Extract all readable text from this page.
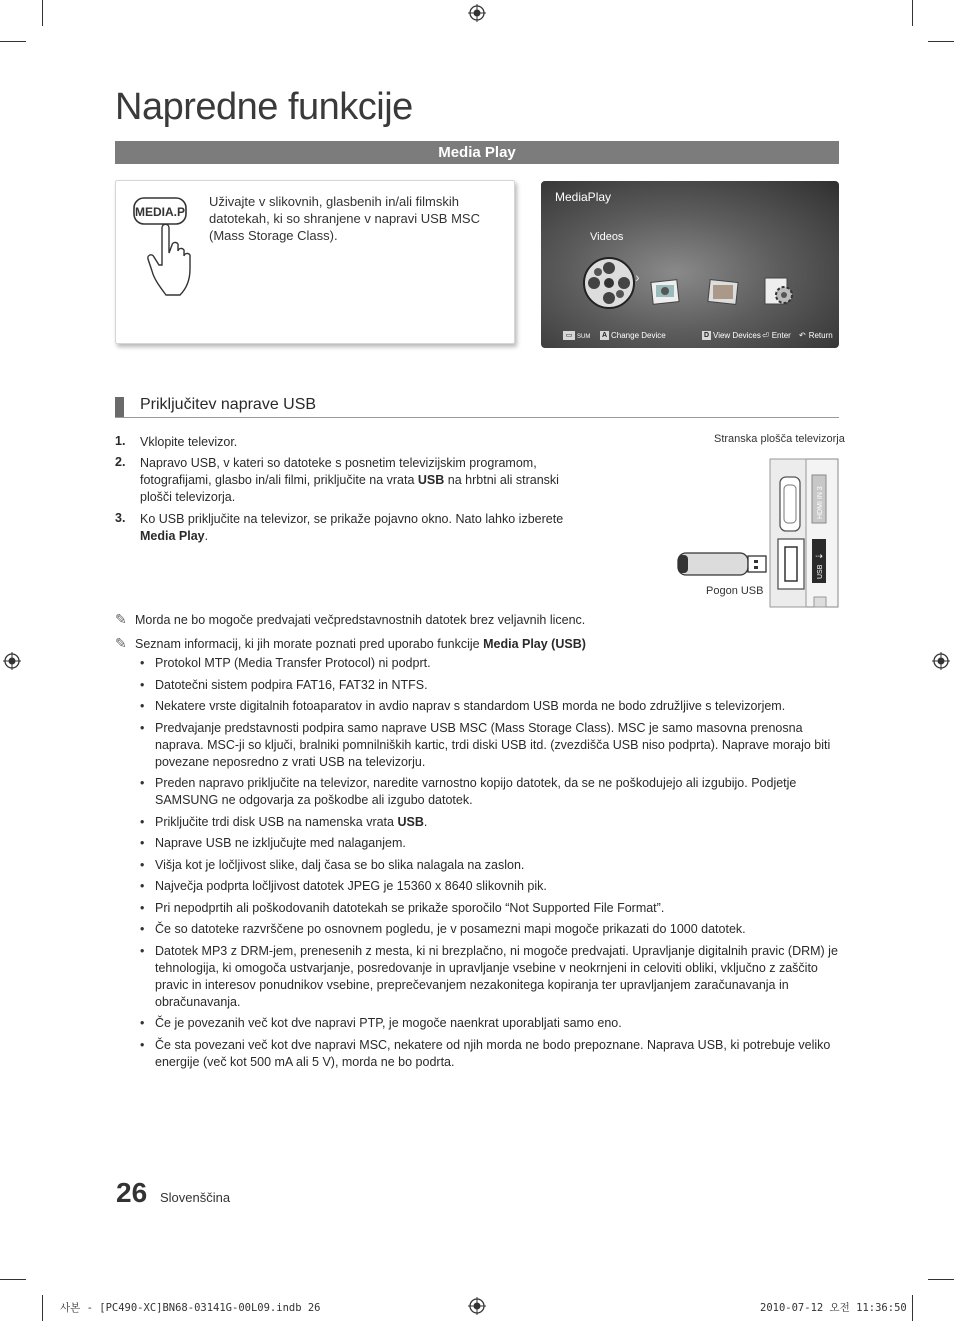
Napredne funkcije
Media Play
MEDIA.P
Uživajte v slikovnih, glasbenih in/ali filmskih datotekah, ki so shranjene v napravi USB MSC (Mass Storage Class).
MediaPlay
Videos
›
▭ SUM A Change Device	D View Devices ⏎ Enter ↶ Return
Priključitev naprave USB
1. Vklopite televizor.
2. Napravo USB, v kateri so datoteke s posnetim televizijskim programom, fotografijami, glasbo in/ali filmi, priključite na vrata USB na hrbtni ali stranski plošči televizorja.
3. Ko USB priključite na televizor, se prikaže pojavno okno. Nato lahko izberete Media Play.
Stranska plošča televizorja
HDMI IN 3
USB
⇢
Pogon USB
✎ Morda ne bo mogoče predvajati večpredstavnostnih datotek brez veljavnih licenc.
✎ Seznam informacij, ki jih morate poznati pred uporabo funkcije Media Play (USB)
• Protokol MTP (Media Transfer Protocol) ni podprt.
• Datotečni sistem podpira FAT16, FAT32 in NTFS.
• Nekatere vrste digitalnih fotoaparatov in avdio naprav s standardom USB morda ne bodo združljive s televizorjem.
• Predvajanje predstavnosti podpira samo naprave USB MSC (Mass Storage Class). MSC je samo masovna prenosna naprava. MSC-ji so ključi, bralniki pomnilniških kartic, trdi diski USB itd. (zvezdišča USB niso podprta). Naprave morajo biti povezane neposredno z vrati USB na televizorju.
• Preden napravo priključite na televizor, naredite varnostno kopijo datotek, da se ne poškodujejo ali izgubijo. Podjetje SAMSUNG ne odgovarja za poškodbe ali izgubo datotek.
• Priključite trdi disk USB na namenska vrata USB.
• Naprave USB ne izključujte med nalaganjem.
• Višja kot je ločljivost slike, dalj časa se bo slika nalagala na zaslon.
• Največja podprta ločljivost datotek JPEG je 15360 x 8640 slikovnih pik.
• Pri nepodprtih ali poškodovanih datotekah se prikaže sporočilo “Not Supported File Format”.
• Če so datoteke razvrščene po osnovnem pogledu, je v posamezni mapi mogoče prikazati do 1000 datotek.
• Datotek MP3 z DRM-jem, prenesenih z mesta, ki ni brezplačno, ni mogoče predvajati. Upravljanje digitalnih pravic (DRM) je tehnologija, ki omogoča ustvarjanje, posredovanje in upravljanje vsebine v neokrnjeni in celoviti obliki, vključno z zaščito pravic in interesov ponudnikov vsebine, preprečevanjem nezakonitega kopiranja ter upravljanjem zaračunavanja in obračunavanja.
• Če je povezanih več kot dve napravi PTP, je mogoče naenkrat uporabljati samo eno.
• Če sta povezani več kot dve napravi MSC, nekatere od njih morda ne bodo prepoznane. Naprava USB, ki potrebuje veliko energije (več kot 500 mA ali 5 V), morda ne bo podrta.
26 Slovenščina
사본 - [PC490-XC]BN68-03141G-00L09.indb 26	2010-07-12 오전 11:36:50
